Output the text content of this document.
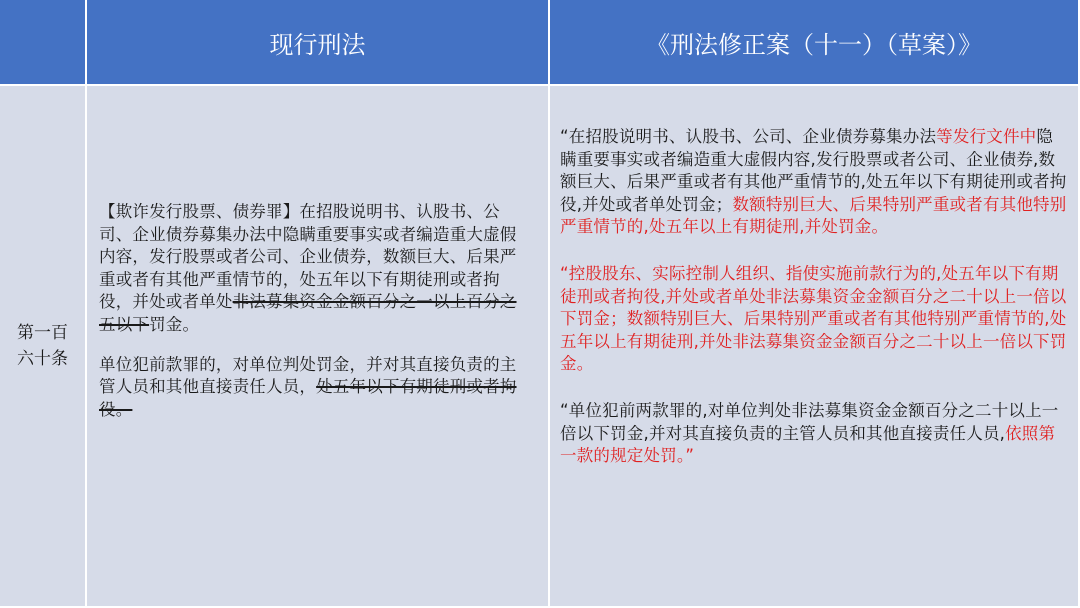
现行刑法	《刑法修正案（十一）（草案）》
第一百六十条

【欺诈发行股票、债券罪】在招股说明书、认股书、公司、企业债券募集办法中隐瞒重要事实或者编造重大虚假内容，发行股票或者公司、企业债券，数额巨大、后果严重或者有其他严重情节的，处五年以下有期徒刑或者拘役，并处或者单处非法募集资金金额百分之一以上百分之五以下罚金。

单位犯前款罪的，对单位判处罚金，并对其直接负责的主管人员和其他直接责任人员，处五年以下有期徒刑或者拘役。

“在招股说明书、认股书、公司、企业债券募集办法等发行文件中隐瞒重要事实或者编造重大虚假内容,发行股票或者公司、企业债券,数额巨大、后果严重或者有其他严重情节的,处五年以下有期徒刑或者拘役,并处或者单处罚金；数额特别巨大、后果特别严重或者有其他特别严重情节的,处五年以上有期徒刑,并处罚金。

“控股股东、实际控制人组织、指使实施前款行为的,处五年以下有期徒刑或者拘役,并处或者单处非法募集资金金额百分之二十以上一倍以下罚金；数额特别巨大、后果特别严重或者有其他特别严重情节的,处五年以上有期徒刑,并处非法募集资金金额百分之二十以上一倍以下罚金。

“单位犯前两款罪的,对单位判处非法募集资金金额百分之二十以上一倍以下罚金,并对其直接负责的主管人员和其他直接责任人员,依照第一款的规定处罚。”
